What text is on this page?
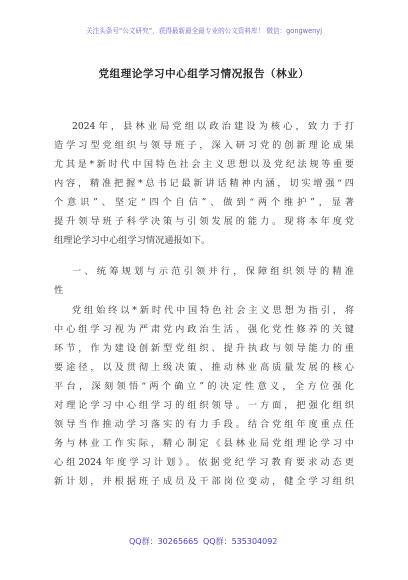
关注头条号“公文研究”，获得最新最全最专业的公文资料库！ 微信：gongwenyj
党组理论学习中心组学习情况报告（林业）
2024年，县林业局党组以政治建设为核心，致力于打
造学习型党组织与领导班子，深入研习党的创新理论成果
尤其是*新时代中国特色社会主义思想以及党纪法规等重要
内容，精准把握*总书记最新讲话精神内涵，切实增强“四
个意识”、坚定“四个自信”、做到“两个维护”，显著
提升领导班子科学决策与引领发展的能力。现将本年度党
组理论学习中心组学习情况通报如下。
一、统筹规划与示范引领并行，保障组织领导的精准
性
党组始终以*新时代中国特色社会主义思想为指引，将
中心组学习视为严肃党内政治生活、强化党性修养的关键
环节，作为建设创新型党组织、提升执政与领导能力的重
要途径，以及贯彻上级决策、推动林业高质量发展的核心
平台，深刻领悟“两个确立”的决定性意义，全方位强化
对理论学习中心组学习的组织领导。一方面，把强化组织
领导当作推动学习落实的有力手段。结合党组年度重点任
务与林业工作实际，精心制定《县林业局党组理论学习中
心组2024年度学习计划》。依据党纪学习教育要求动态更
新计划，并根据班子成员及干部岗位变动，健全学习组织
QQ群：30265665 QQ群：535304092
